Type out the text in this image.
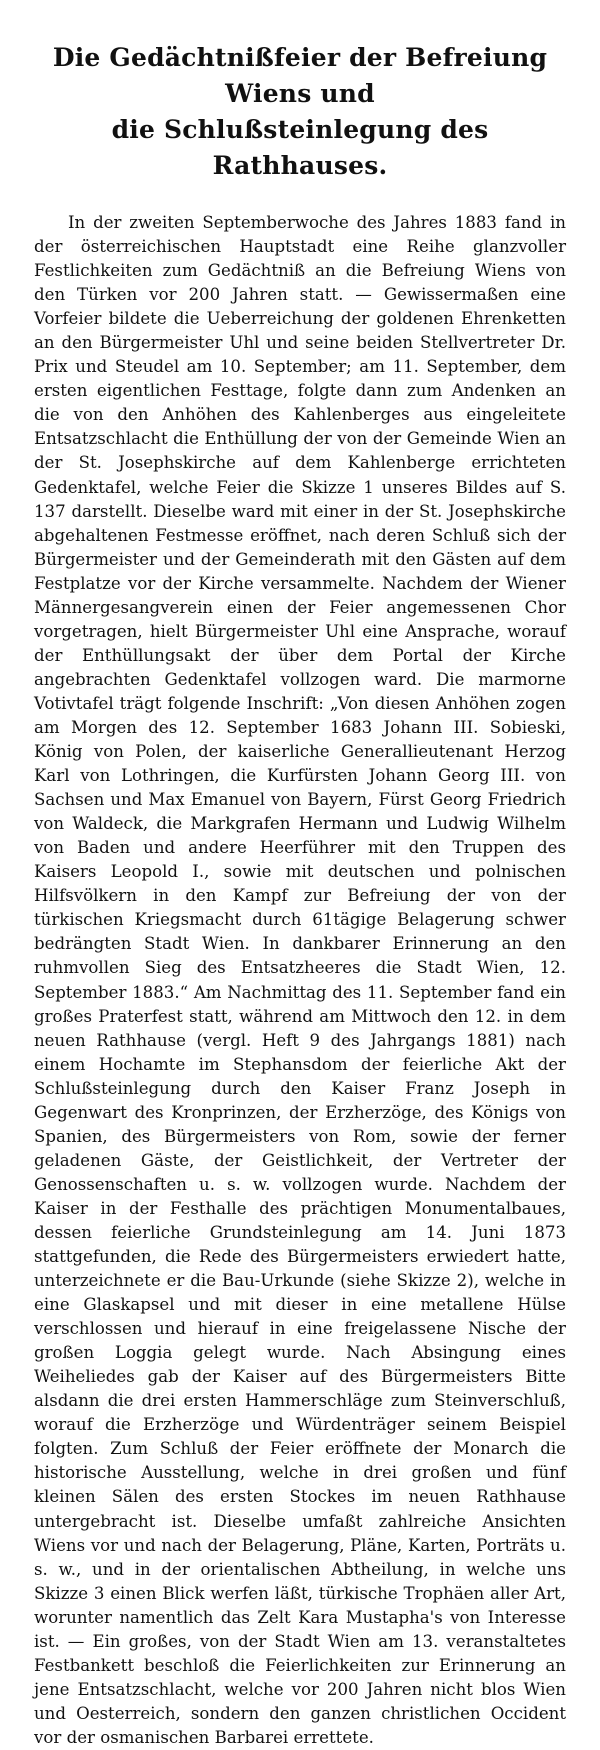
Die Gedächtnißfeier der Befreiung Wiens und
die Schlußsteinlegung des Rathhauses.

In der zweiten Septemberwoche des Jahres 1883 fand in der österreichischen Hauptstadt eine Reihe glanzvoller Festlichkeiten zum Gedächtniß an die Befreiung Wiens von den Türken vor 200 Jahren statt. — Gewissermaßen eine Vorfeier bildete die Ueberreichung der goldenen Ehrenketten an den Bürgermeister Uhl und seine beiden Stellvertreter Dr. Prix und Steudel am 10. September; am 11. September, dem ersten eigentlichen Festtage, folgte dann zum Andenken an die von den Anhöhen des Kahlenberges aus eingeleitete Entsatzschlacht die Enthüllung der von der Gemeinde Wien an der St. Josephskirche auf dem Kahlenberge errichteten Gedenktafel, welche Feier die Skizze 1 unseres Bildes auf S. 137 darstellt. Dieselbe ward mit einer in der St. Josephskirche abgehaltenen Festmesse eröffnet, nach deren Schluß sich der Bürgermeister und der Gemeinderath mit den Gästen auf dem Festplatze vor der Kirche versammelte. Nachdem der Wiener Männergesangverein einen der Feier angemessenen Chor vorgetragen, hielt Bürgermeister Uhl eine Ansprache, worauf der Enthüllungsakt der über dem Portal der Kirche angebrachten Gedenktafel vollzogen ward. Die marmorne Votivtafel trägt folgende Inschrift: „Von diesen Anhöhen zogen am Morgen des 12. September 1683 Johann III. Sobieski, König von Polen, der kaiserliche Generallieutenant Herzog Karl von Lothringen, die Kurfürsten Johann Georg III. von Sachsen und Max Emanuel von Bayern, Fürst Georg Friedrich von Waldeck, die Markgrafen Hermann und Ludwig Wilhelm von Baden und andere Heerführer mit den Truppen des Kaisers Leopold I., sowie mit deutschen und polnischen Hilfsvölkern in den Kampf zur Befreiung der von der türkischen Kriegsmacht durch 61tägige Belagerung schwer bedrängten Stadt Wien. In dankbarer Erinnerung an den ruhmvollen Sieg des Entsatzheeres die Stadt Wien, 12. September 1883.“ Am Nachmittag des 11. September fand ein großes Praterfest statt, während am Mittwoch den 12. in dem neuen Rathhause (vergl. Heft 9 des Jahrgangs 1881) nach einem Hochamte im Stephansdom der feierliche Akt der Schlußsteinlegung durch den Kaiser Franz Joseph in Gegenwart des Kronprinzen, der Erzherzöge, des Königs von Spanien, des Bürgermeisters von Rom, sowie der ferner geladenen Gäste, der Geistlichkeit, der Vertreter der Genossenschaften u. s. w. vollzogen wurde. Nachdem der Kaiser in der Festhalle des prächtigen Monumentalbaues, dessen feierliche Grundsteinlegung am 14. Juni 1873 stattgefunden, die Rede des Bürgermeisters erwiedert hatte, unterzeichnete er die Bau-Urkunde (siehe Skizze 2), welche in eine Glaskapsel und mit dieser in eine metallene Hülse verschlossen und hierauf in eine freigelassene Nische der großen Loggia gelegt wurde. Nach Absingung eines Weiheliedes gab der Kaiser auf des Bürgermeisters Bitte alsdann die drei ersten Hammerschläge zum Steinverschluß, worauf die Erzherzöge und Würdenträger seinem Beispiel folgten. Zum Schluß der Feier eröffnete der Monarch die historische Ausstellung, welche in drei großen und fünf kleinen Sälen des ersten Stockes im neuen Rathhause untergebracht ist. Dieselbe umfaßt zahlreiche Ansichten Wiens vor und nach der Belagerung, Pläne, Karten, Porträts u. s. w., und in der orientalischen Abtheilung, in welche uns Skizze 3 einen Blick werfen läßt, türkische Trophäen aller Art, worunter namentlich das Zelt Kara Mustapha's von Interesse ist. — Ein großes, von der Stadt Wien am 13. veranstaltetes Festbankett beschloß die Feierlichkeiten zur Erinnerung an jene Entsatzschlacht, welche vor 200 Jahren nicht blos Wien und Oesterreich, sondern den ganzen christlichen Occident vor der osmanischen Barbarei errettete.
